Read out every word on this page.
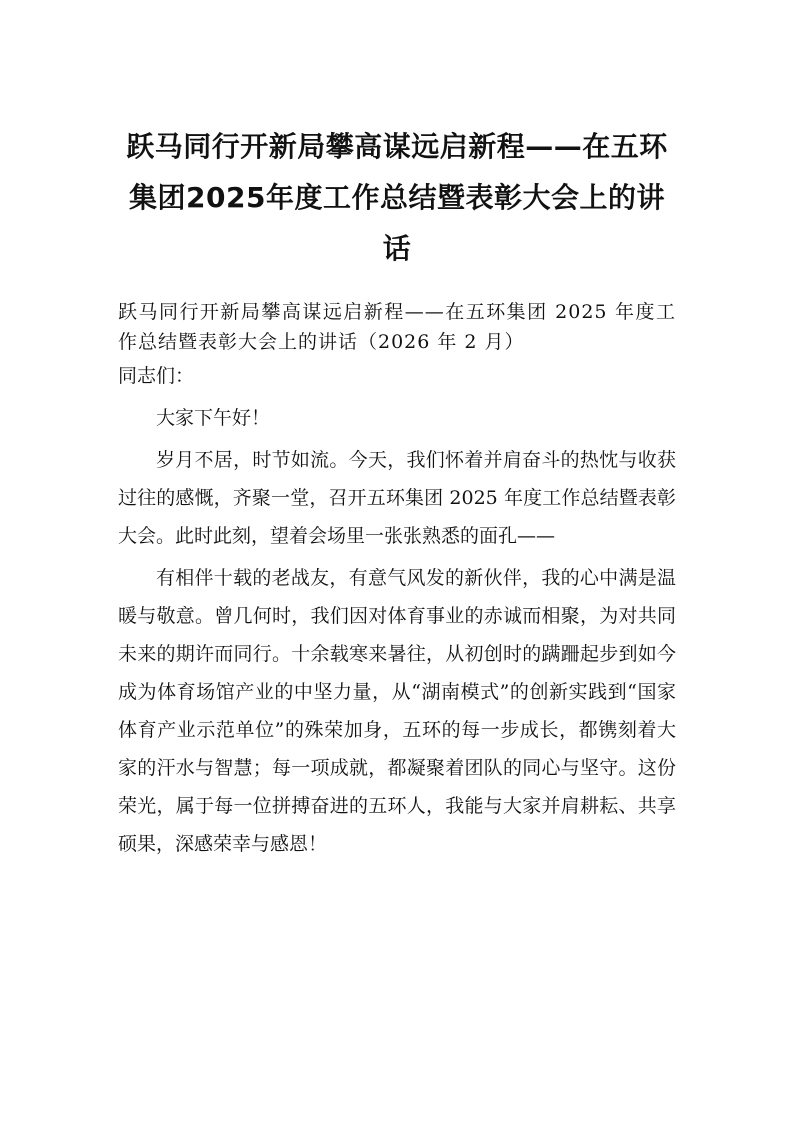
跃马同行开新局攀高谋远启新程——在五环集团2025年度工作总结暨表彰大会上的讲话

跃马同行开新局攀高谋远启新程——在五环集团 2025 年度工作总结暨表彰大会上的讲话（2026 年 2 月）

同志们：

大家下午好！

岁月不居，时节如流。今天，我们怀着并肩奋斗的热忱与收获过往的感慨，齐聚一堂，召开五环集团 2025 年度工作总结暨表彰大会。此时此刻，望着会场里一张张熟悉的面孔——

有相伴十载的老战友，有意气风发的新伙伴，我的心中满是温暖与敬意。曾几何时，我们因对体育事业的赤诚而相聚，为对共同未来的期许而同行。十余载寒来暑往，从初创时的蹒跚起步到如今成为体育场馆产业的中坚力量，从“湖南模式”的创新实践到“国家体育产业示范单位”的殊荣加身，五环的每一步成长，都镌刻着大家的汗水与智慧；每一项成就，都凝聚着团队的同心与坚守。这份荣光，属于每一位拼搏奋进的五环人，我能与大家并肩耕耘、共享硕果，深感荣幸与感恩！
